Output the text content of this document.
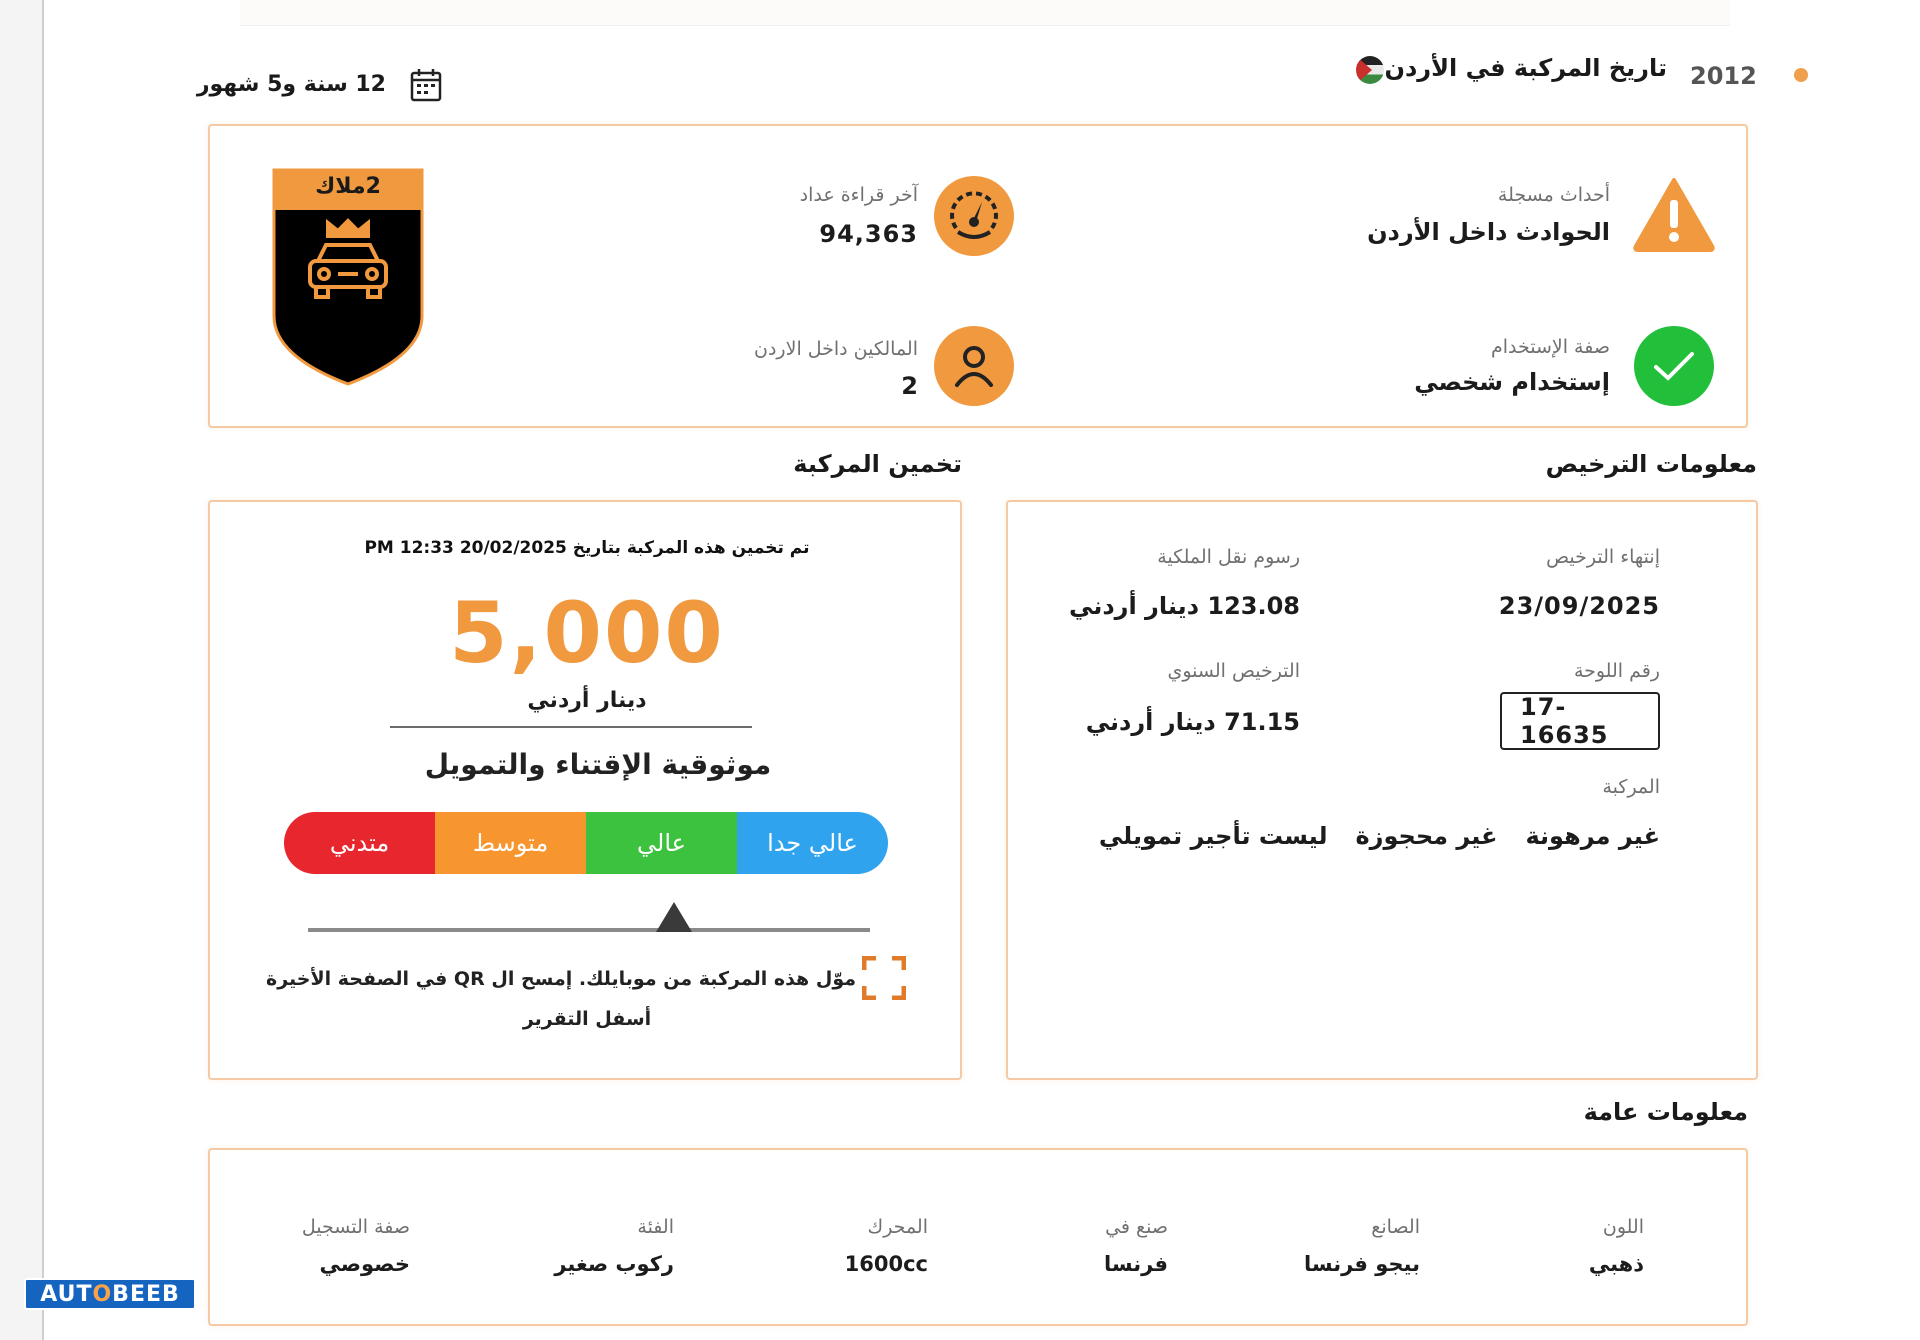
2012
تاريخ المركبة في الأردن
12 سنة و5 شهور
2ملاك	أحداث مسجلة
الحوادث داخل الأردن
صفة الإستخدام
إستخدام شخصي
آخر قراءة عداد
94,363
المالكين داخل الاردن
2
معلومات الترخيص
تخمين المركبة
تم تخمين هذه المركبة بتاريخ 20/02/2025 12:33 PM
5,000
دينار أردني
موثوقية الإقتناء والتمويل
عالي جدا
عالي
متوسط
متدني
موّل هذه المركبة من موبايلك. إمسح ال QR في الصفحة الأخيرة
أسفل التقرير
إنتهاء الترخيص
23/09/2025
رسوم نقل الملكية
123.08 دينار أردني
رقم اللوحة
17-16635
الترخيص السنوي
71.15 دينار أردني
المركبة
غير مرهونة
غير محجوزة
ليست تأجير تمويلي
معلومات عامة
اللون
ذهبي
الصانع
بيجو فرنسا
صنع في
فرنسا
المحرك
1600cc
الفئة
ركوب صغير
صفة التسجيل
خصوصي
AUT O BEEB
